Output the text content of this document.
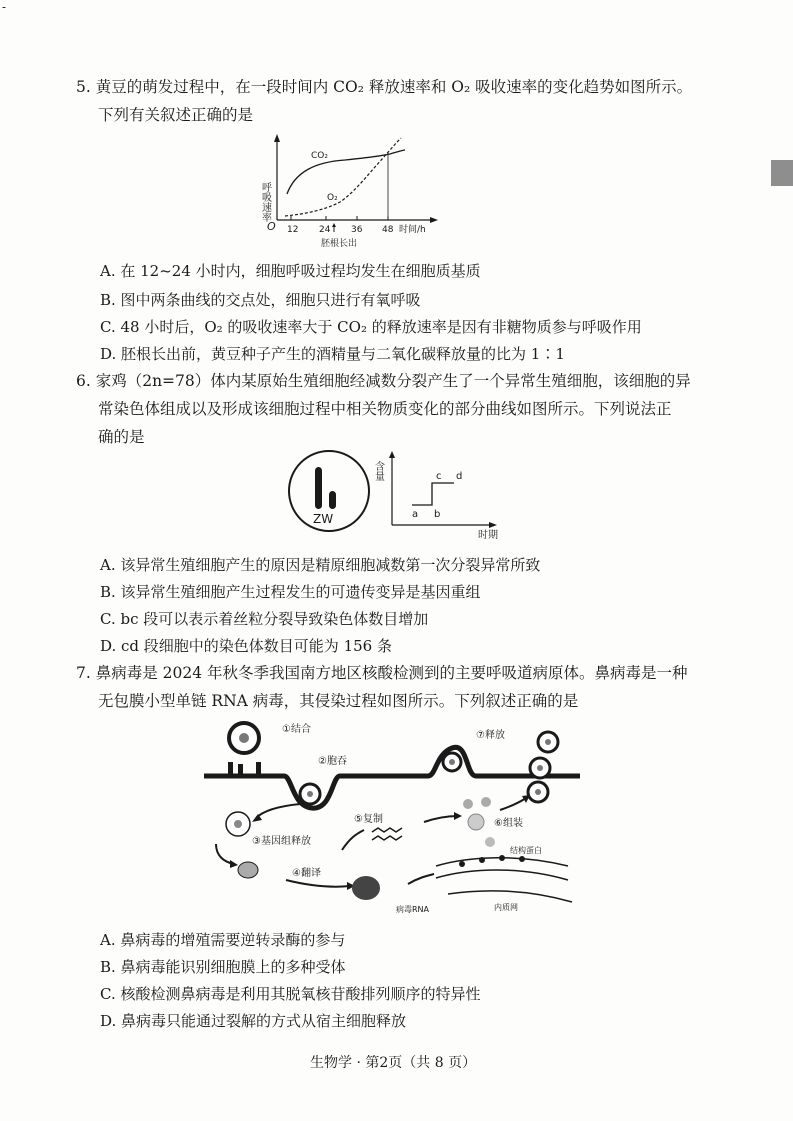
-
5. 黄豆的萌发过程中，在一段时间内 CO₂ 释放速率和 O₂ 吸收速率的变化趋势如图所示。
下列有关叙述正确的是
呼吸速率
O 12 24 36 48 时间/h
胚根长出
CO₂
O₂
A. 在 12~24 小时内，细胞呼吸过程均发生在细胞质基质
B. 图中两条曲线的交点处，细胞只进行有氧呼吸
C. 48 小时后，O₂ 的吸收速率大于 CO₂ 的释放速率是因有非糖物质参与呼吸作用
D. 胚根长出前，黄豆种子产生的酒精量与二氧化碳释放量的比为 1∶1
6. 家鸡（2n=78）体内某原始生殖细胞经减数分裂产生了一个异常生殖细胞，该细胞的异
常染色体组成以及形成该细胞过程中相关物质变化的部分曲线如图所示。下列说法正
确的是
ZW
含量
时期
a b
c d
A. 该异常生殖细胞产生的原因是精原细胞减数第一次分裂异常所致
B. 该异常生殖细胞产生过程发生的可遗传变异是基因重组
C. bc 段可以表示着丝粒分裂导致染色体数目增加
D. cd 段细胞中的染色体数目可能为 156 条
7. 鼻病毒是 2024 年秋冬季我国南方地区核酸检测到的主要呼吸道病原体。鼻病毒是一种
无包膜小型单链 RNA 病毒，其侵染过程如图所示。下列叙述正确的是
①结合
②胞吞
③基因组释放
④翻译
病毒RNA
⑤复制	⑥组装
结构蛋白
内质网
⑦释放
A. 鼻病毒的增殖需要逆转录酶的参与
B. 鼻病毒能识别细胞膜上的多种受体
C. 核酸检测鼻病毒是利用其脱氧核苷酸排列顺序的特异性
D. 鼻病毒只能通过裂解的方式从宿主细胞释放
生物学 · 第2页（共 8 页）
